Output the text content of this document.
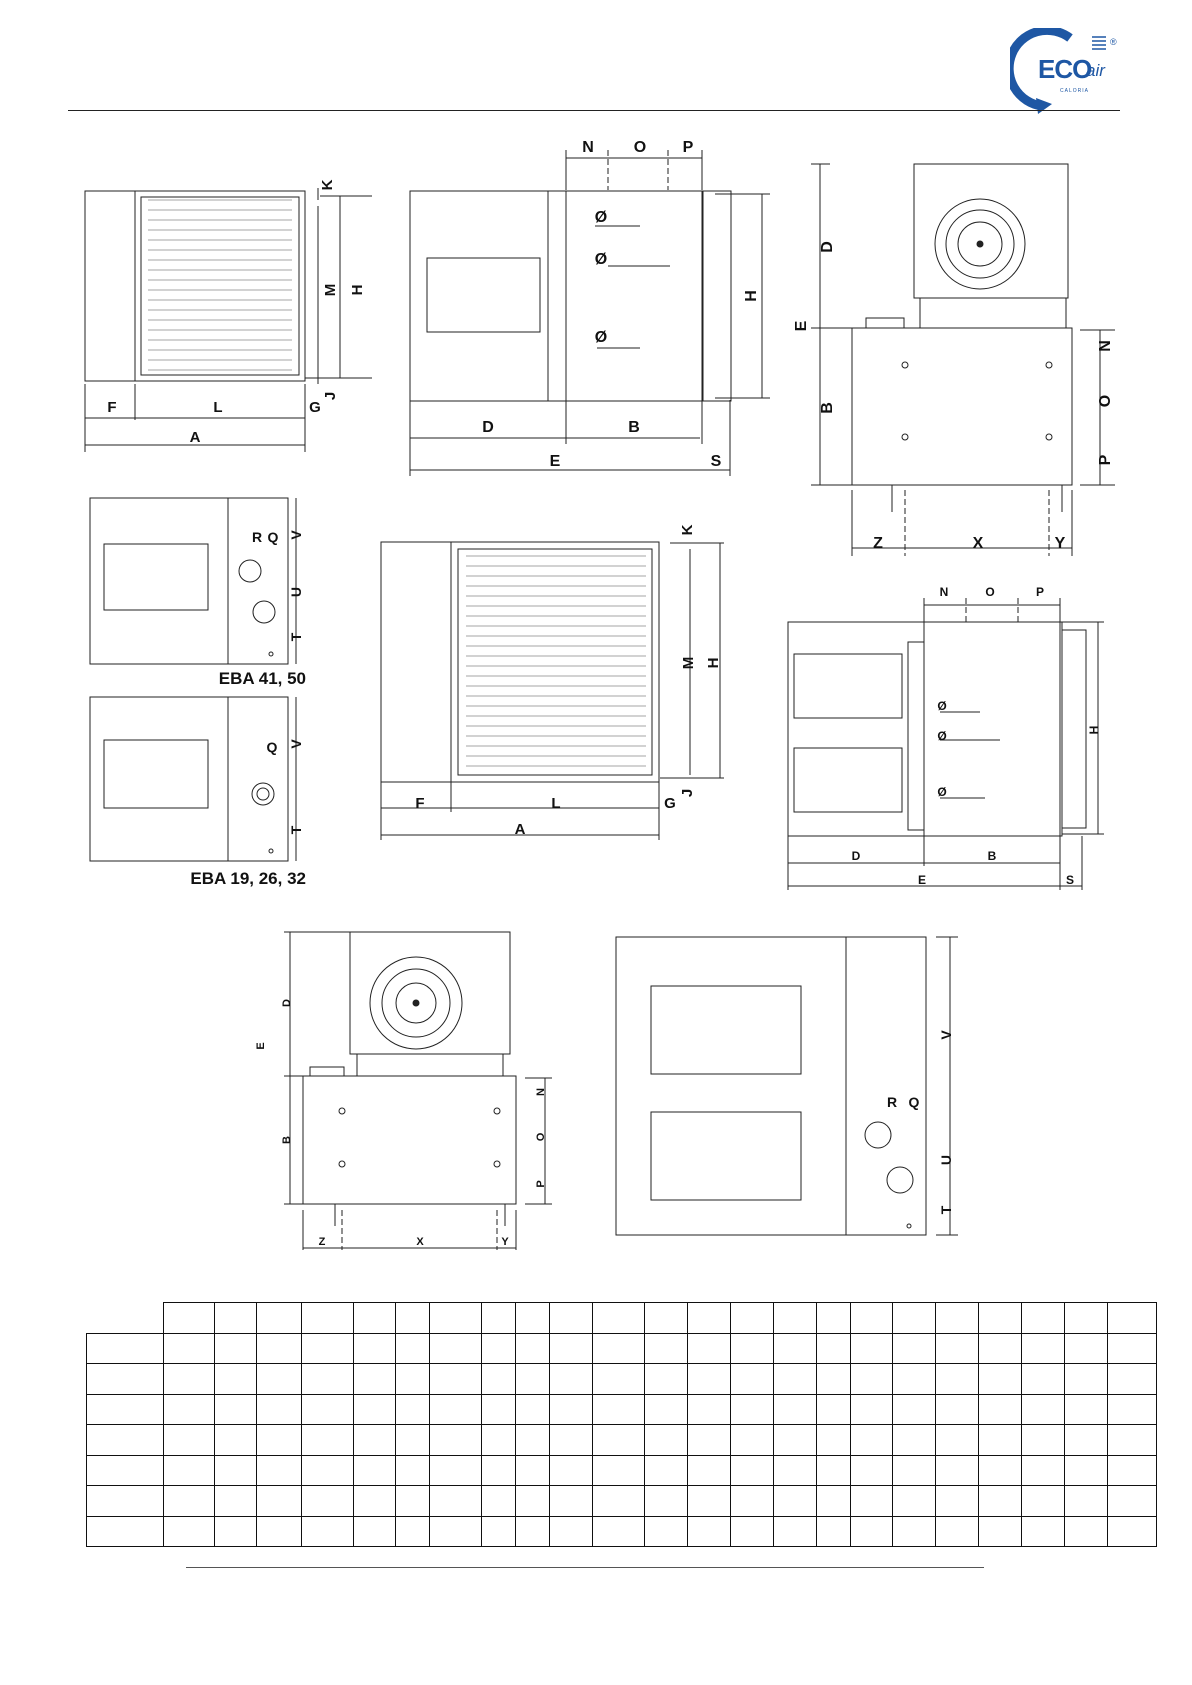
ECO
air
CALORIA
®
K
M H
J
F	L	G
A
N O P
Ø
Ø
Ø
H
D	B
E	S
D
E
B
N
O
P
Z	X	Y
R Q V
U
T
EBA 41, 50
Q V
T
EBA 19, 26, 32
K
M H
J
F	L	G
A
N	O	P
Ø
Ø
Ø
H
D	B
E	S
D
E
B
N
O
P
Z	X	Y
V
R Q
U
T
